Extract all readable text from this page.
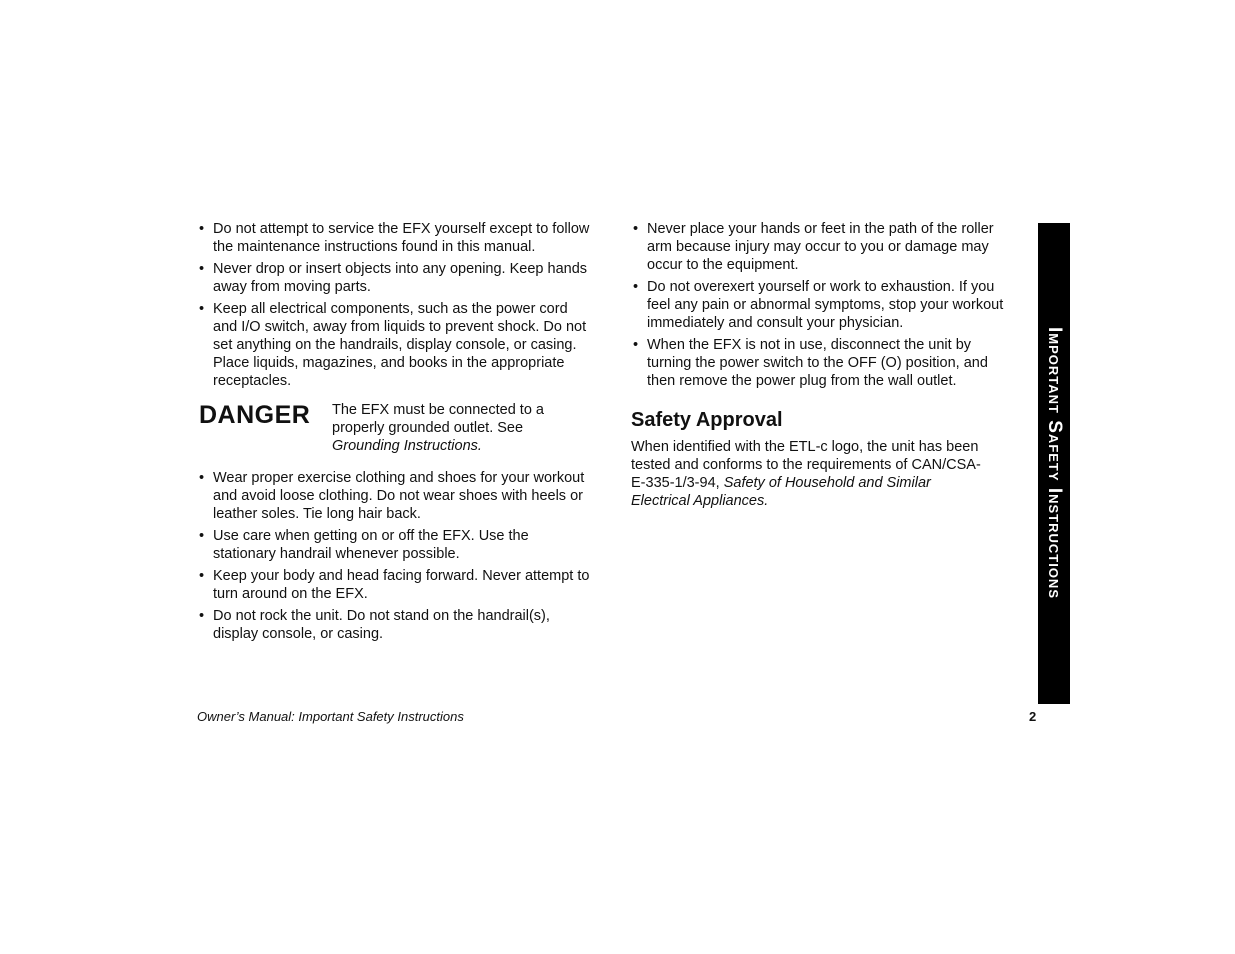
• Do not attempt to service the EFX yourself except to follow the maintenance instructions found in this manual.
• Never drop or insert objects into any opening. Keep hands away from moving parts.
• Keep all electrical components, such as the power cord and I/O switch, away from liquids to prevent shock. Do not set anything on the handrails, display console, or casing. Place liquids, magazines, and books in the appropriate receptacles.
DANGER	The EFX must be connected to a properly grounded outlet. See
Grounding Instructions.
• Wear proper exercise clothing and shoes for your workout and avoid loose clothing. Do not wear shoes with heels or leather soles. Tie long hair back.
• Use care when getting on or off the EFX. Use the stationary handrail whenever possible.
• Keep your body and head facing forward. Never attempt to turn around on the EFX.
• Do not rock the unit. Do not stand on the handrail(s), display console, or casing.
• Never place your hands or feet in the path of the roller arm because injury may occur to you or damage may occur to the equipment.
• Do not overexert yourself or work to exhaustion. If you feel any pain or abnormal symptoms, stop your workout immediately and consult your physician.
• When the EFX is not in use, disconnect the unit by turning the power switch to the OFF (O) position, and then remove the power plug from the wall outlet.
Safety Approval
When identified with the ETL-c logo, the unit has been tested and conforms to the requirements of CAN/CSA-E-335-1/3-94, Safety of Household and Similar Electrical Appliances.	Important Safety Instructions
Owner’s Manual: Important Safety Instructions	2
